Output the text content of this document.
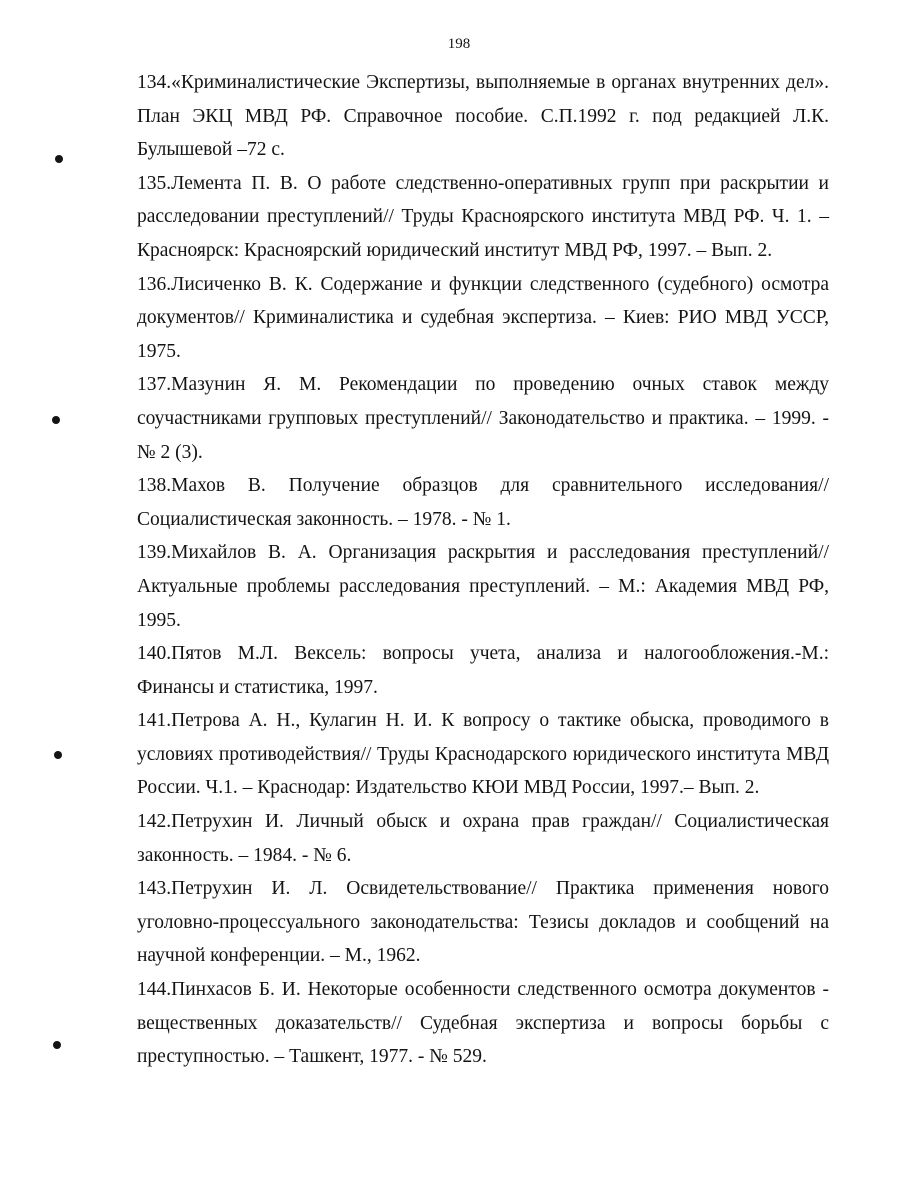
198
134.«Криминалистические Экспертизы, выполняемые в органах внутренних дел». План ЭКЦ МВД РФ. Справочное пособие. С.П.1992 г. под редакцией Л.К. Булышевой –72 с.
135.Лемента П. В. О работе следственно-оперативных групп при раскрытии и расследовании преступлений// Труды Красноярского института МВД РФ. Ч. 1. – Красноярск: Красноярский юридический институт МВД РФ, 1997. – Вып. 2.
136.Лисиченко В. К. Содержание и функции следственного (судебного) осмотра документов// Криминалистика и судебная экспертиза. – Киев: РИО МВД УССР, 1975.
137.Мазунин Я. М. Рекомендации по проведению очных ставок между соучастниками групповых преступлений// Законодательство и практика. – 1999. - № 2 (3).
138.Махов В. Получение образцов для сравнительного исследования// Социалистическая законность. – 1978. - № 1.
139.Михайлов В. А. Организация раскрытия и расследования преступлений// Актуальные проблемы расследования преступлений. – М.: Академия МВД РФ, 1995.
140.Пятов М.Л. Вексель: вопросы учета, анализа и налогообложения.-М.: Финансы и статистика, 1997.
141.Петрова А. Н., Кулагин Н. И. К вопросу о тактике обыска, проводимого в условиях противодействия// Труды Краснодарского юридического института МВД России. Ч.1. – Краснодар: Издательство КЮИ МВД России, 1997.– Вып. 2.
142.Петрухин И. Личный обыск и охрана прав граждан// Социалистическая законность. – 1984. - № 6.
143.Петрухин И. Л. Освидетельствование// Практика применения нового уголовно-процессуального законодательства: Тезисы докладов и сообщений на научной конференции. – М., 1962.
144.Пинхасов Б. И. Некоторые особенности следственного осмотра документов - вещественных доказательств// Судебная экспертиза и вопросы борьбы с преступностью. – Ташкент, 1977. - № 529.
